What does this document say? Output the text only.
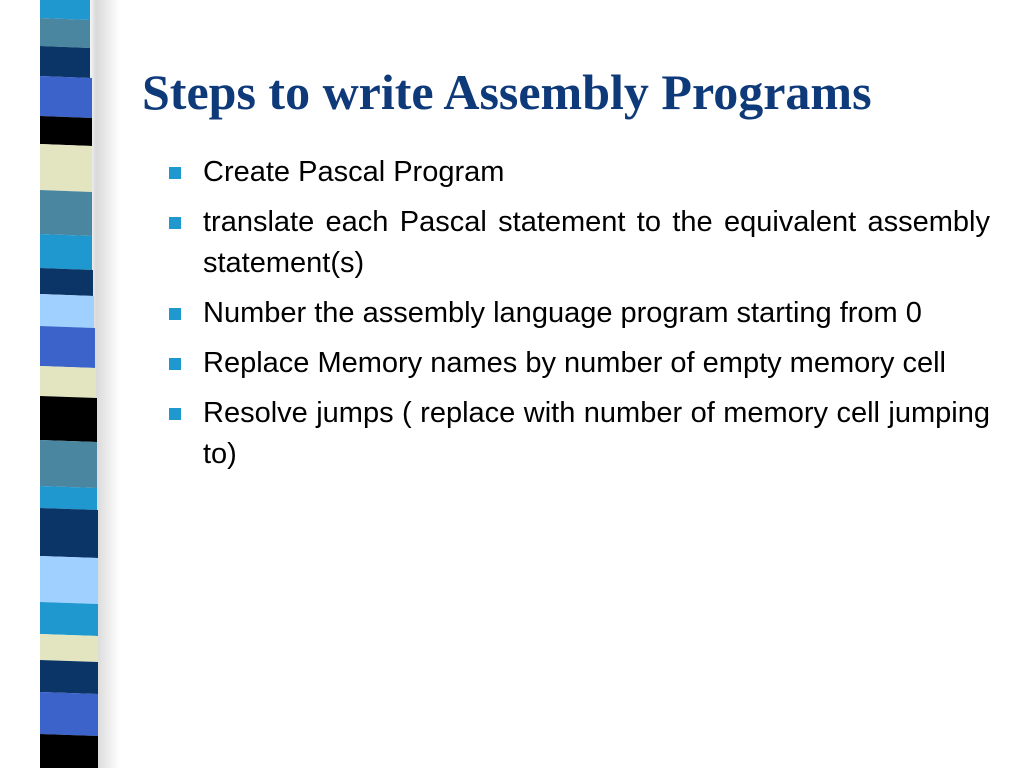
Steps to write Assembly Programs
Create Pascal Program
translate each Pascal statement to the equivalent assembly statement(s)
Number the assembly language program starting from 0
Replace Memory names by number of empty memory cell
Resolve jumps ( replace with number of memory cell jumping to)
